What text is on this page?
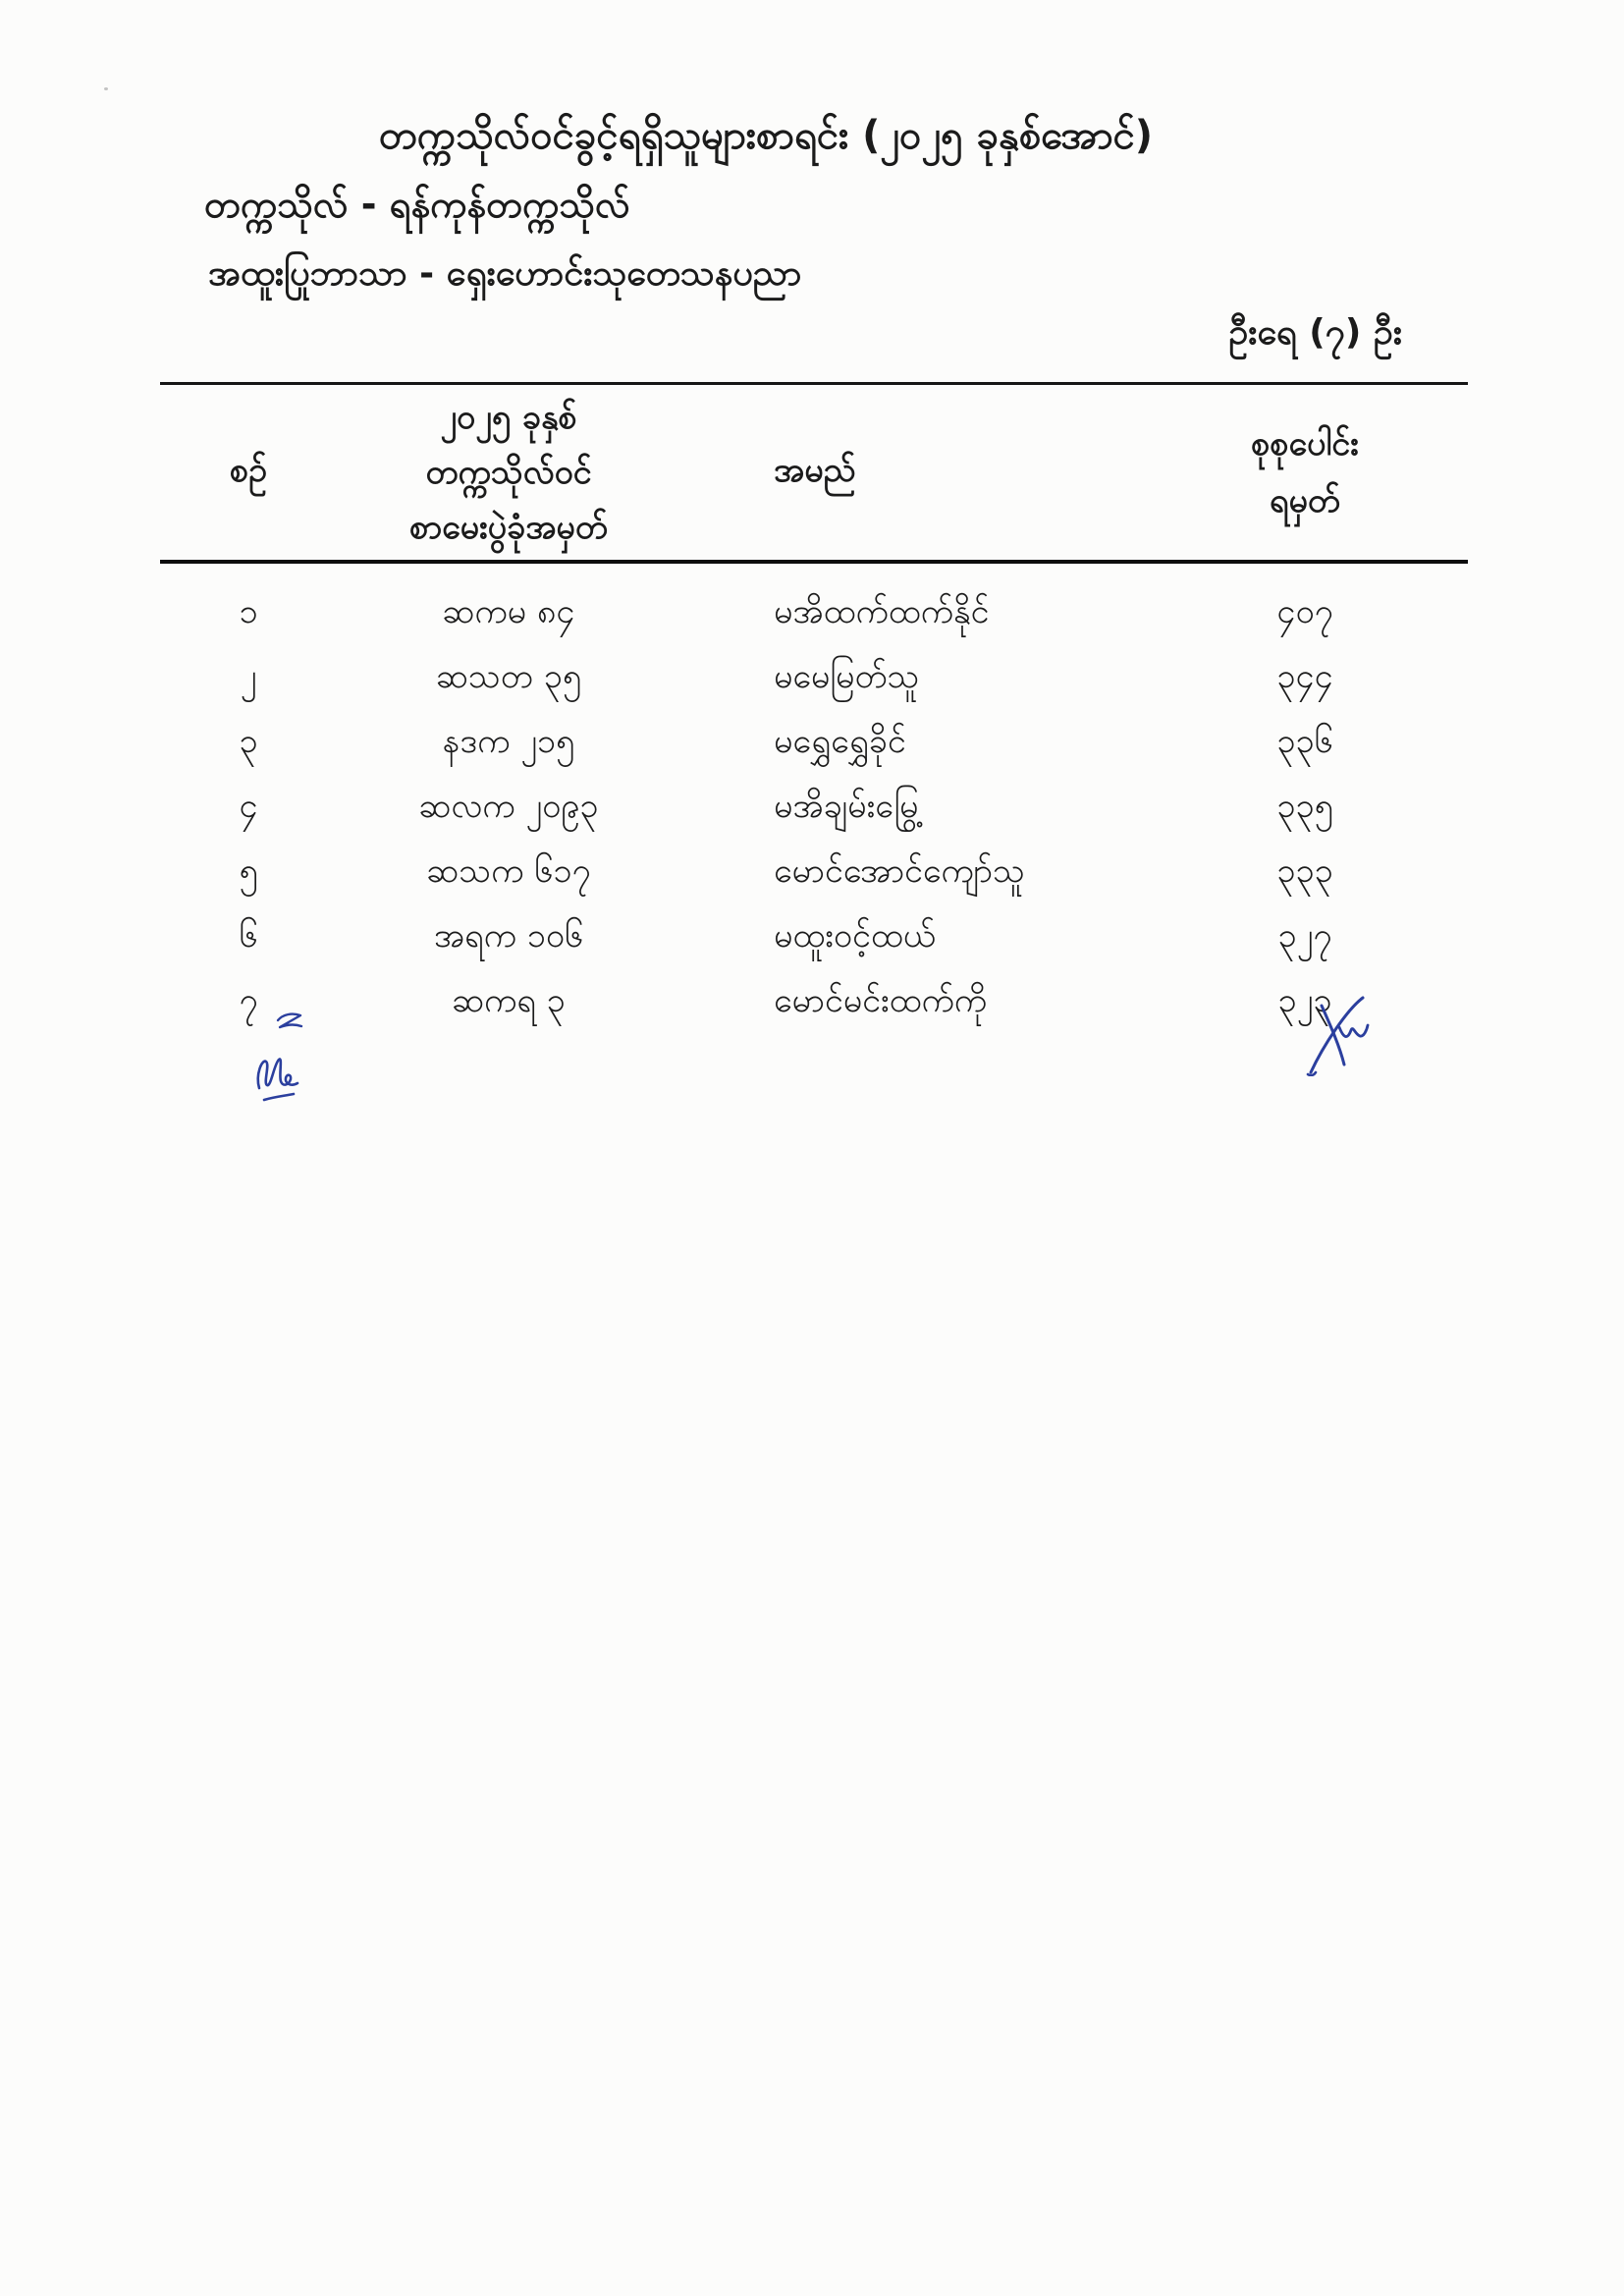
တက္ကသိုလ်ဝင်ခွင့်ရရှိသူများစာရင်း (၂၀၂၅ ခုနှစ်အောင်)
တက္ကသိုလ် - ရန်ကုန်တက္ကသိုလ်
အထူးပြုဘာသာ - ရှေးဟောင်းသုတေသနပညာ
ဦးရေ (၇) ဦး
စဉ်
၂၀၂၅ ခုနှစ်
တက္ကသိုလ်ဝင်
စာမေးပွဲခုံအမှတ်
အမည်
စုစုပေါင်း
ရမှတ်
၁	ဆကမ ၈၄	မအိထက်ထက်နိုင်	၄၀၇
၂	ဆသတ ၃၅	မမေမြတ်သူ	၃၄၄
၃	နဒက ၂၁၅	မရွှေရွှေခိုင်	၃၃၆
၄	ဆလက ၂၀၉၃	မအိချမ်းမြွေ့	၃၃၅
၅	ဆသက ၆၁၇	မောင်အောင်ကျော်သူ	၃၃၃
၆	အရက ၁၀၆	မထူးဝင့်ထယ်	၃၂၇
၇	ဆကရ ၃	မောင်မင်းထက်ကို	၃၂၃
